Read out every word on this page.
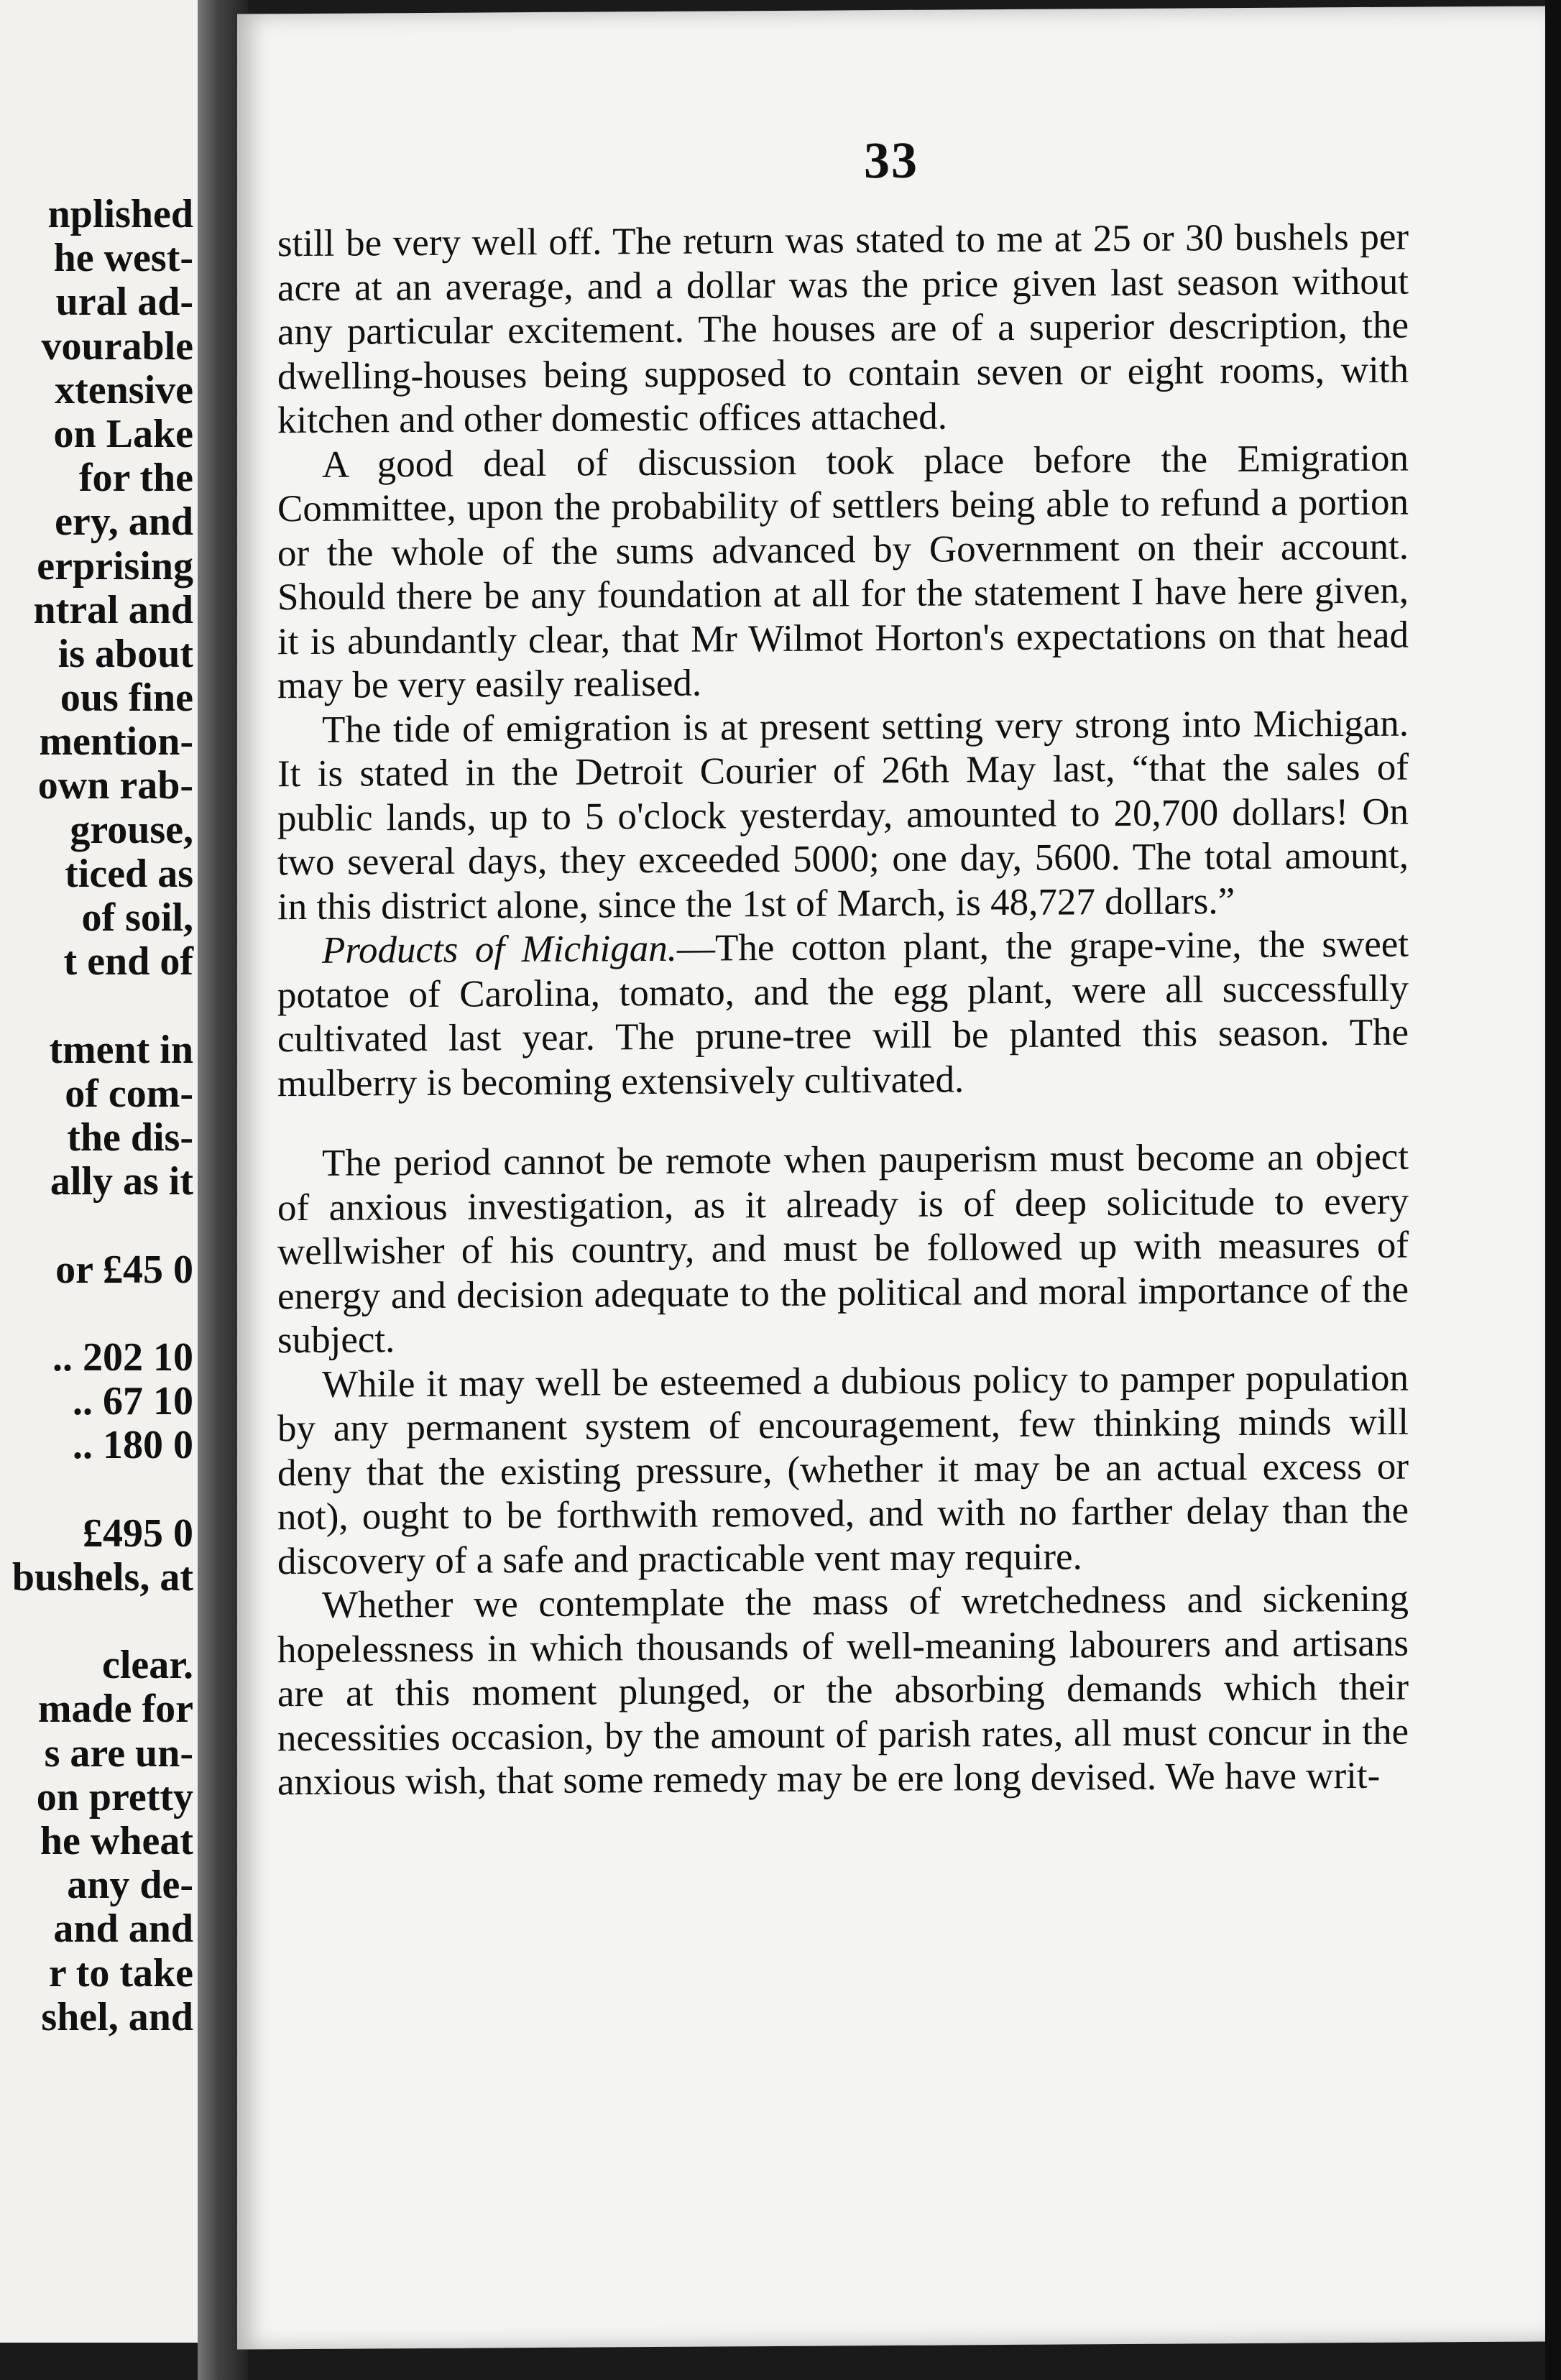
nplished
he west-
ural ad-
vourable
xtensive
on Lake
for the
ery, and
erprising
ntral and
is about
ous fine
mention-
own rab-
grouse,
ticed as
of soil,
t end of
tment in
of com-
the dis-
ally as it
or £45 0
.. 202 10
.. 67 10
.. 180 0
£495 0
bushels, at
clear.
made for
s are un-
on pretty
he wheat
any de-
and and
r to take
shel, and
33

still be very well off. The return was stated to me at 25 or 30 bushels per acre at an average, and a dollar was the price given last season without any particular excitement. The houses are of a superior description, the dwelling-houses being supposed to contain seven or eight rooms, with kitchen and other domestic offices attached.

A good deal of discussion took place before the Emigration Committee, upon the probability of settlers being able to refund a portion or the whole of the sums advanced by Government on their account. Should there be any foundation at all for the statement I have here given, it is abundantly clear, that Mr Wilmot Horton's expectations on that head may be very easily realised.

The tide of emigration is at present setting very strong into Michigan. It is stated in the Detroit Courier of 26th May last, “that the sales of public lands, up to 5 o'clock yesterday, amounted to 20,700 dollars! On two several days, they exceeded 5000; one day, 5600. The total amount, in this district alone, since the 1st of March, is 48,727 dollars.”

Products of Michigan.—The cotton plant, the grape-vine, the sweet potatoe of Carolina, tomato, and the egg plant, were all successfully cultivated last year. The prune-tree will be planted this season. The mulberry is becoming extensively cultivated.

The period cannot be remote when pauperism must become an object of anxious investigation, as it already is of deep solicitude to every wellwisher of his country, and must be followed up with measures of energy and decision adequate to the political and moral importance of the subject.

While it may well be esteemed a dubious policy to pamper population by any permanent system of encouragement, few thinking minds will deny that the existing pressure, (whether it may be an actual excess or not), ought to be forthwith removed, and with no farther delay than the discovery of a safe and practicable vent may require.

Whether we contemplate the mass of wretchedness and sickening hopelessness in which thousands of well-meaning labourers and artisans are at this moment plunged, or the absorbing demands which their necessities occasion, by the amount of parish rates, all must concur in the anxious wish, that some remedy may be ere long devised. We have writ-
